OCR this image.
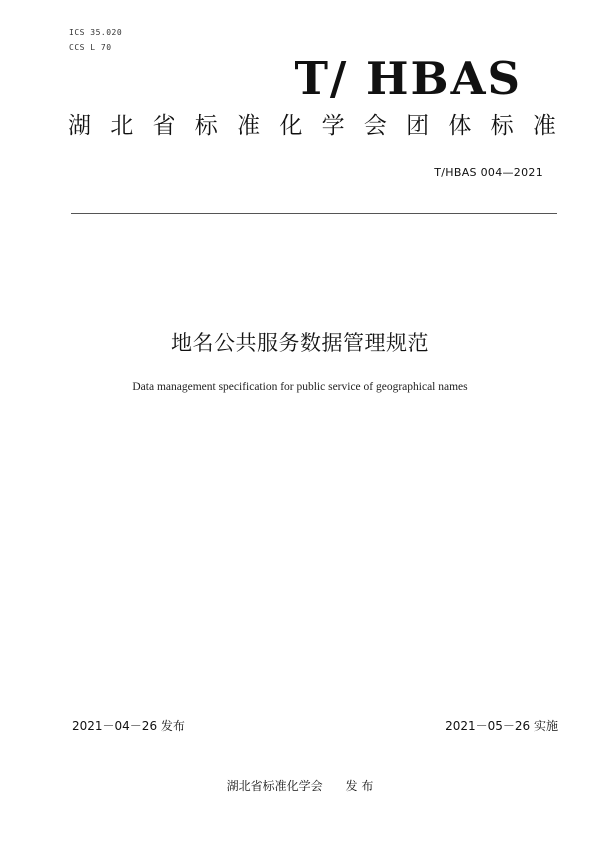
ICS 35.020
CCS L 70
T/ HBAS
湖 北 省 标 准 化 学 会 团 体 标 准
T/HBAS 004—2021
地名公共服务数据管理规范
Data management specification for public service of geographical names
2021－04－26 发布	2021－05－26 实施
湖北省标准化学会      发 布
